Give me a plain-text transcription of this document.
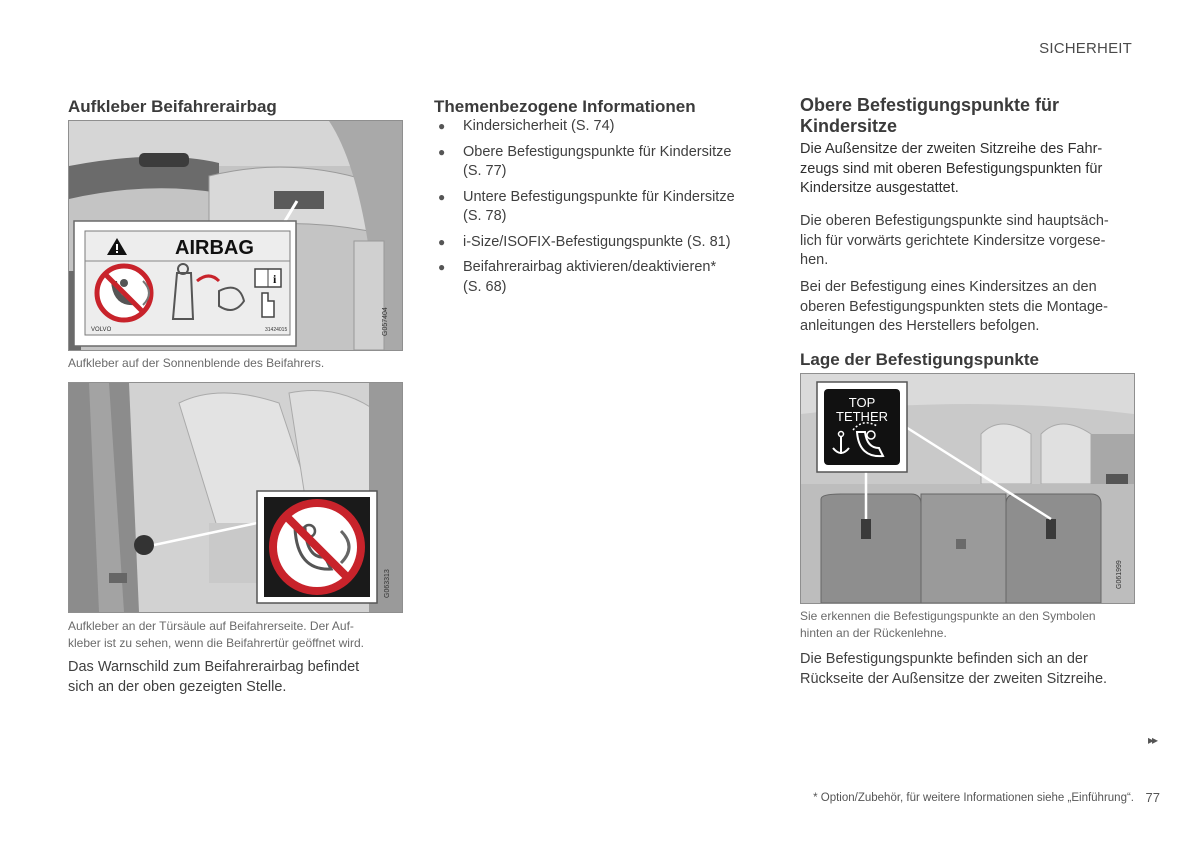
SICHERHEIT
Aufkleber Beifahrerairbag
AIRBAG
i
VOLVO	31424015	G057404
Aufkleber auf der Sonnenblende des Beifahrers.
G063313
Aufkleber an der Türsäule auf Beifahrerseite. Der Auf-
kleber ist zu sehen, wenn die Beifahrertür geöffnet wird.
Das Warnschild zum Beifahrerairbag befindet
sich an der oben gezeigten Stelle.
Themenbezogene Informationen
● Kindersicherheit (S. 74)
● Obere Befestigungspunkte für Kindersitze
(S. 77)
● Untere Befestigungspunkte für Kindersitze
(S. 78)
● i-Size/ISOFIX-Befestigungspunkte (S. 81)
● Beifahrerairbag aktivieren/deaktivieren*
(S. 68)
Obere Befestigungspunkte für
Kindersitze
Die Außensitze der zweiten Sitzreihe des Fahr-
zeugs sind mit oberen Befestigungspunkten für
Kindersitze ausgestattet.
Die oberen Befestigungspunkte sind hauptsäch-
lich für vorwärts gerichtete Kindersitze vorgese-
hen.
Bei der Befestigung eines Kindersitzes an den
oberen Befestigungspunkten stets die Montage-
anleitungen des Herstellers befolgen.
Lage der Befestigungspunkte
TOP
TETHER
G061999
Sie erkennen die Befestigungspunkte an den Symbolen
hinten an der Rückenlehne.
Die Befestigungspunkte befinden sich an der
Rückseite der Außensitze der zweiten Sitzreihe.
▸▸
* Option/Zubehör, für weitere Informationen siehe „Einführung“. 77
